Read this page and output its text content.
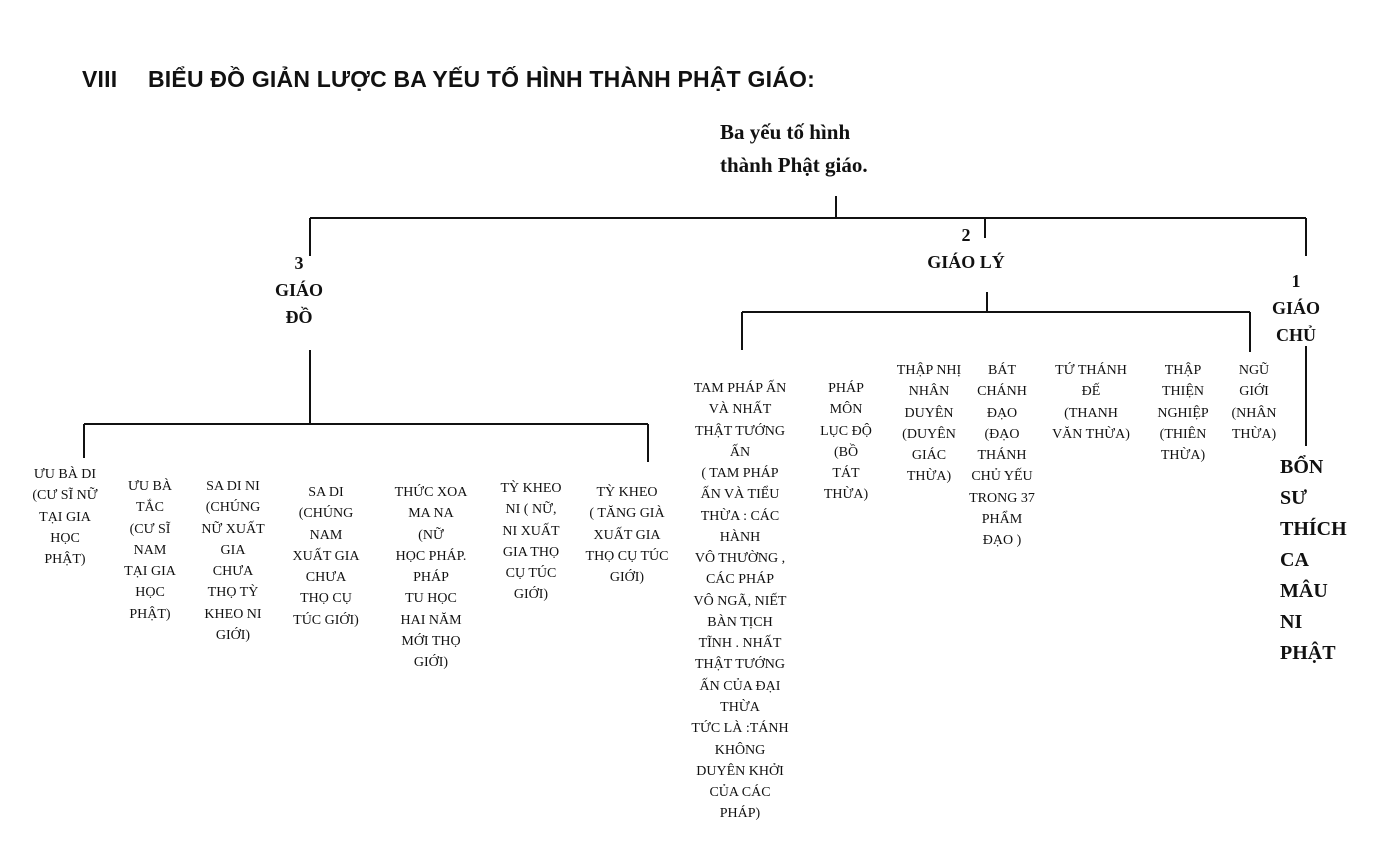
VIII BIỂU ĐỒ GIẢN LƯỢC BA YẾU TỐ HÌNH THÀNH PHẬT GIÁO:
Ba yếu tố hình
thành Phật giáo.
3
GIÁO
ĐỒ
2
GIÁO LÝ
1
GIÁO
CHỦ
ƯU BÀ DI
(CƯ SĨ NỮ
TẠI GIA
HỌC
PHẬT)
ƯU BÀ
TẮC
(CƯ SĨ
NAM
TẠI GIA
HỌC
PHẬT)
SA DI NI
(CHÚNG
NỮ XUẤT
GIA
CHƯA
THỌ TỲ
KHEO NI
GIỚI)
SA DI
(CHÚNG
NAM
XUẤT GIA
CHƯA
THỌ CỤ
TÚC GIỚI)
THỨC XOA
MA NA
(NỮ
HỌC PHÁP.
PHÁP
TU HỌC
HAI NĂM
MỚI THỌ
GIỚI)
TỲ KHEO
NI ( NỮ,
NI XUẤT
GIA THỌ
CỤ TÚC
GIỚI)
TỲ KHEO
( TĂNG GIÀ
XUẤT GIA
THỌ CỤ TÚC
GIỚI)
TAM PHÁP ẤN
VÀ NHẤT
THẬT TƯỚNG
ẤN
( TAM PHÁP
ẤN VÀ TIỂU
THỪA : CÁC
HÀNH
VÔ THƯỜNG ,
CÁC PHÁP
VÔ NGÃ, NIẾT
BÀN TỊCH
TĨNH . NHẤT
THẬT TƯỚNG
ẤN CỦA ĐẠI
THỪA
TỨC LÀ :TÁNH
KHÔNG
DUYÊN KHỞI
CỦA CÁC
PHÁP)
PHÁP
MÔN
LỤC ĐỘ
(BỒ
TÁT
THỪA)
THẬP NHỊ
NHÂN
DUYÊN
(DUYÊN
GIÁC
THỪA)
BÁT
CHÁNH
ĐẠO
(ĐẠO
THÁNH
CHỦ YẾU
TRONG 37
PHẨM
ĐẠO )
TỨ THÁNH
ĐẾ
(THANH
VĂN THỪA)
THẬP
THIỆN
NGHIỆP
(THIÊN
THỪA)
NGŨ
GIỚI
(NHÂN
THỪA)
BỔN
SƯ
THÍCH
CA
MÂU
NI
PHẬT
